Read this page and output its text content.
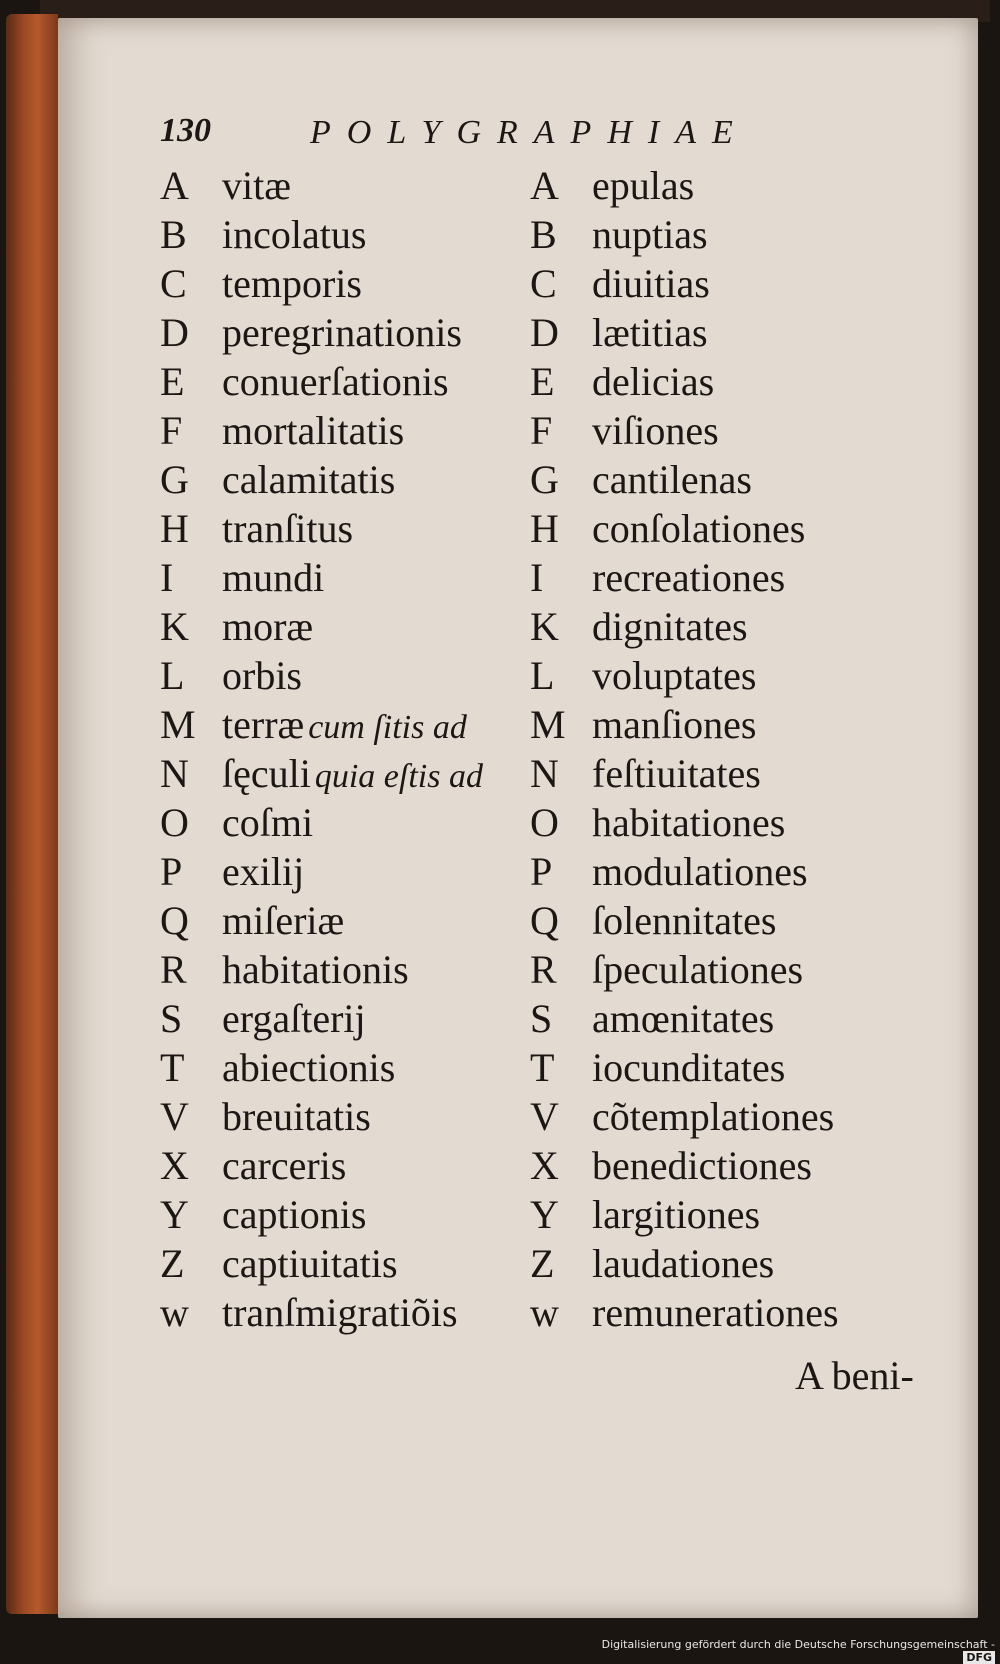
130	POLYGRAPHIAE
A vitæ
B incolatus
C temporis
D peregrinationis
E conuerſationis
F mortalitatis
G calamitatis
H tranſitus
I	mundi
K moræ
L orbis
M terræ cum ſitis ad
N ſęculi quia eſtis ad
O coſmi
P exilij
Q miſeriæ
R habitationis
S ergaſterij
T abiectionis
V breuitatis
X carceris
Y captionis
Z captiuitatis
w tranſmigratiõis
A epulas
B nuptias
C diuitias
D lætitias
E delicias
F viſiones
G cantilenas
H conſolationes
I	recreationes
K dignitates
L voluptates
M manſiones
N feſtiuitates
O habitationes
P modulationes
Q ſolennitates
R ſpeculationes
S amœnitates
T iocunditates
V cõtemplationes
X benedictiones
Y largitiones
Z laudationes
w remunerationes
A beni-
Digitalisierung gefördert durch die Deutsche Forschungsgemeinschaft - DFG
